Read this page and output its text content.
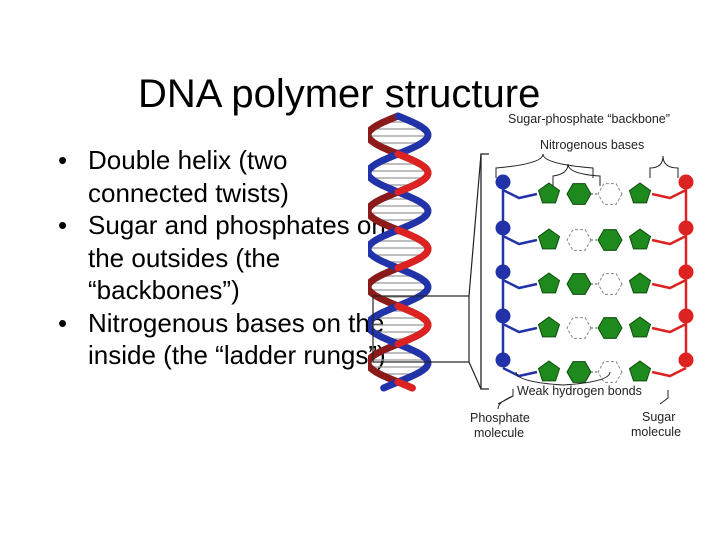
DNA polymer structure
• Double helix (two connected twists)
• Sugar and phosphates on the outsides (the “backbones”)
• Nitrogenous bases on the inside (the “ladder rungs”)
Sugar-phosphate “backbone”
Nitrogenous bases
Weak hydrogen bonds
Phosphate
molecule
Sugar
molecule
